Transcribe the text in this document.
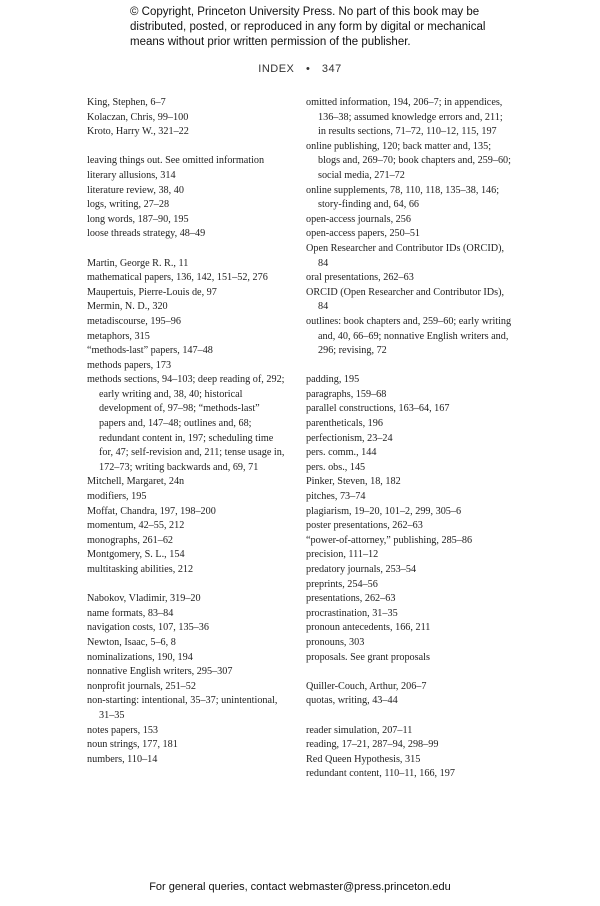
© Copyright, Princeton University Press. No part of this book may be distributed, posted, or reproduced in any form by digital or mechanical means without prior written permission of the publisher.
INDEX • 347
King, Stephen, 6–7
Kolaczan, Chris, 99–100
Kroto, Harry W., 321–22
leaving things out. See omitted information
literary allusions, 314
literature review, 38, 40
logs, writing, 27–28
long words, 187–90, 195
loose threads strategy, 48–49
Martin, George R. R., 11
mathematical papers, 136, 142, 151–52, 276
Maupertuis, Pierre-Louis de, 97
Mermin, N. D., 320
metadiscourse, 195–96
metaphors, 315
“methods-last” papers, 147–48
methods papers, 173
methods sections, 94–103; deep reading of, 292; early writing and, 38, 40; historical development of, 97–98; “methods-last” papers and, 147–48; outlines and, 68; redundant content in, 197; scheduling time for, 47; self-revision and, 211; tense usage in, 172–73; writing backwards and, 69, 71
Mitchell, Margaret, 24n
modifiers, 195
Moffat, Chandra, 197, 198–200
momentum, 42–55, 212
monographs, 261–62
Montgomery, S. L., 154
multitasking abilities, 212
Nabokov, Vladimir, 319–20
name formats, 83–84
navigation costs, 107, 135–36
Newton, Isaac, 5–6, 8
nominalizations, 190, 194
nonnative English writers, 295–307
nonprofit journals, 251–52
non-starting: intentional, 35–37; unintentional, 31–35
notes papers, 153
noun strings, 177, 181
numbers, 110–14
omitted information, 194, 206–7; in appendices, 136–38; assumed knowledge errors and, 211; in results sections, 71–72, 110–12, 115, 197
online publishing, 120; back matter and, 135; blogs and, 269–70; book chapters and, 259–60; social media, 271–72
online supplements, 78, 110, 118, 135–38, 146; story-finding and, 64, 66
open-access journals, 256
open-access papers, 250–51
Open Researcher and Contributor IDs (ORCID), 84
oral presentations, 262–63
ORCID (Open Researcher and Contributor IDs), 84
outlines: book chapters and, 259–60; early writing and, 40, 66–69; nonnative English writers and, 296; revising, 72
padding, 195
paragraphs, 159–68
parallel constructions, 163–64, 167
parentheticals, 196
perfectionism, 23–24
pers. comm., 144
pers. obs., 145
Pinker, Steven, 18, 182
pitches, 73–74
plagiarism, 19–20, 101–2, 299, 305–6
poster presentations, 262–63
“power-of-attorney,” publishing, 285–86
precision, 111–12
predatory journals, 253–54
preprints, 254–56
presentations, 262–63
procrastination, 31–35
pronoun antecedents, 166, 211
pronouns, 303
proposals. See grant proposals
Quiller-Couch, Arthur, 206–7
quotas, writing, 43–44
reader simulation, 207–11
reading, 17–21, 287–94, 298–99
Red Queen Hypothesis, 315
redundant content, 110–11, 166, 197
For general queries, contact webmaster@press.princeton.edu
